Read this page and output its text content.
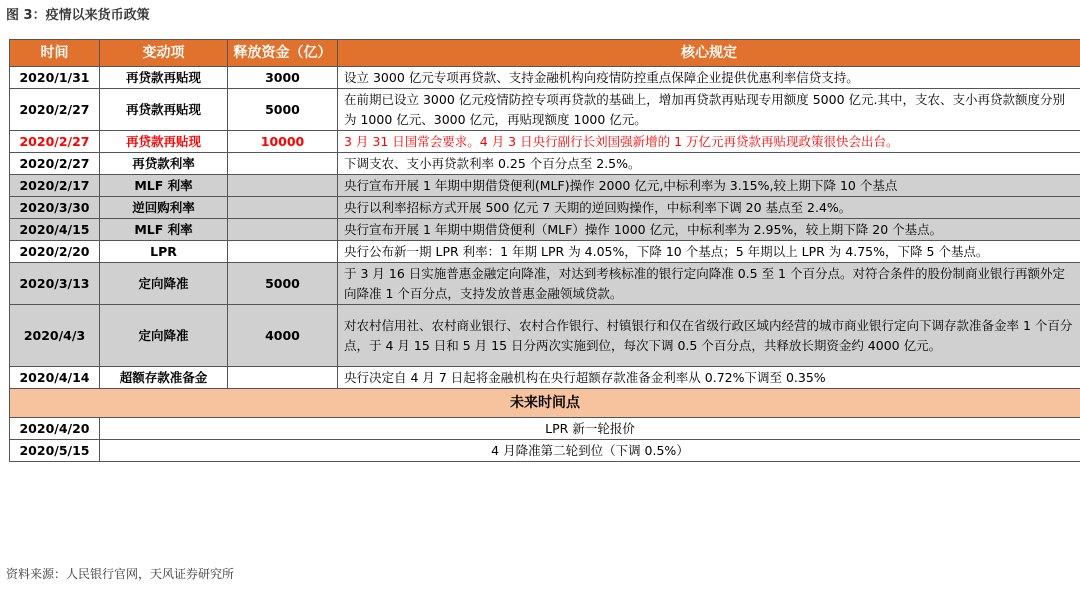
图 3：疫情以来货币政策
时间	变动项	释放资金（亿）	核心规定
2020/1/31	再贷款再贴现	3000	设立 3000 亿元专项再贷款、支持金融机构向疫情防控重点保障企业提供优惠利率信贷支持。
2020/2/27	再贷款再贴现	5000	在前期已设立 3000 亿元疫情防控专项再贷款的基础上，增加再贷款再贴现专用额度 5000 亿元.其中，支农、支小再贷款额度分别为 1000 亿元、3000 亿元，再贴现额度 1000 亿元。
2020/2/27	再贷款再贴现	10000	3 月 31 日国常会要求。4 月 3 日央行副行长刘国强新增的 1 万亿元再贷款再贴现政策很快会出台。
2020/2/27	再贷款利率		下调支农、支小再贷款利率 0.25 个百分点至 2.5%。
2020/2/17	MLF 利率		央行宣布开展 1 年期中期借贷便利(MLF)操作 2000 亿元,中标利率为 3.15%,较上期下降 10 个基点
2020/3/30	逆回购利率		央行以利率招标方式开展 500 亿元 7 天期的逆回购操作，中标利率下调 20 基点至 2.4%。
2020/4/15	MLF 利率		央行宣布开展 1 年期中期借贷便利（MLF）操作 1000 亿元，中标利率为 2.95%，较上期下降 20 个基点。
2020/2/20	LPR		央行公布新一期 LPR 利率：1 年期 LPR 为 4.05%，下降 10 个基点；5 年期以上 LPR 为 4.75%，下降 5 个基点。
2020/3/13	定向降准	5000	于 3 月 16 日实施普惠金融定向降准，对达到考核标准的银行定向降准 0.5 至 1 个百分点。对符合条件的股份制商业银行再额外定向降准 1 个百分点，支持发放普惠金融领域贷款。
2020/4/3	定向降准	4000	对农村信用社、农村商业银行、农村合作银行、村镇银行和仅在省级行政区域内经营的城市商业银行定向下调存款准备金率 1 个百分点，于 4 月 15 日和 5 月 15 日分两次实施到位，每次下调 0.5 个百分点，共释放长期资金约 4000 亿元。
2020/4/14	超额存款准备金		央行决定自 4 月 7 日起将金融机构在央行超额存款准备金利率从 0.72%下调至 0.35%
未来时间点			
2020/4/20	LPR 新一轮报价		
2020/5/15	4 月降准第二轮到位（下调 0.5%）		
资料来源：人民银行官网，天风证券研究所
